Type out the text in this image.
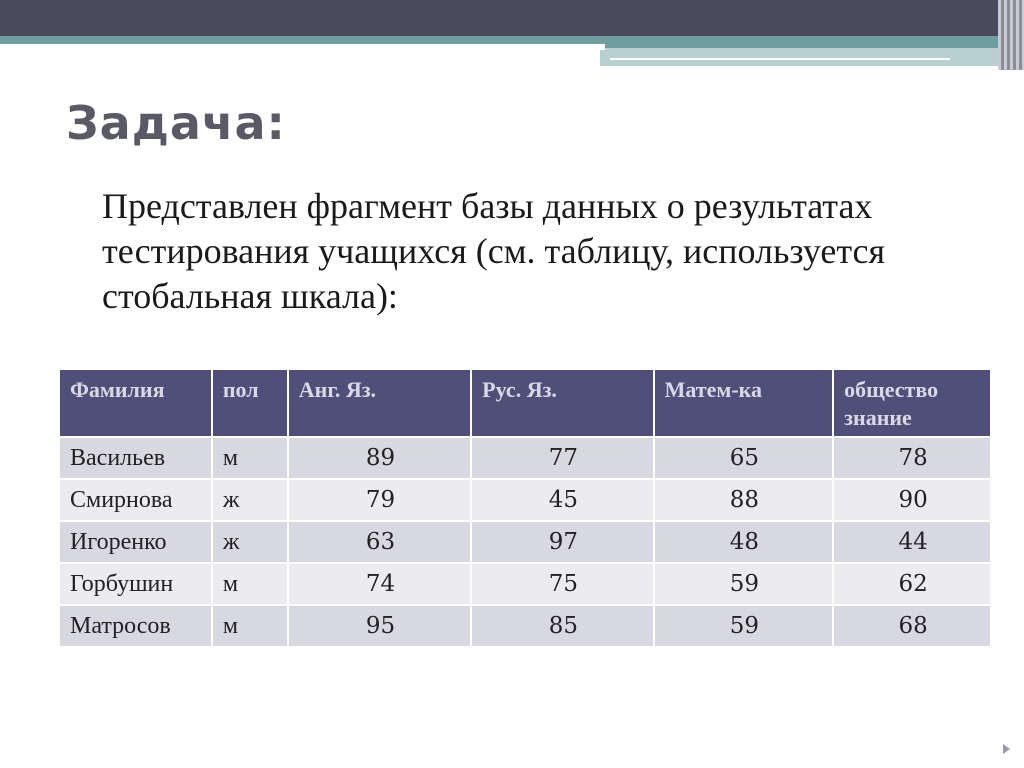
Задача:

Представлен фрагмент базы данных о результатах тестирования учащихся (см. таблицу, используется стобальная шкала):

Фамилия	пол	Анг. Яз.	Рус. Яз.	Матем-ка	общество знание
Васильев	м	89	77	65	78
Смирнова	ж	79	45	88	90
Игоренко	ж	63	97	48	44
Горбушин	м	74	75	59	62
Матросов	м	95	85	59	68
